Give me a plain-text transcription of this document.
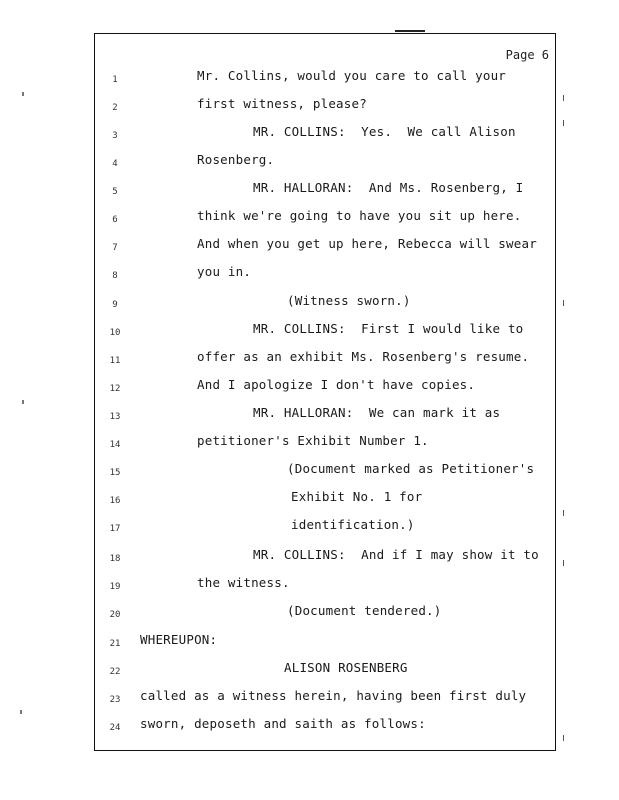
Page 6
1	Mr. Collins, would you care to call your
2	first witness, please?
3	MR. COLLINS:  Yes.  We call Alison
4	Rosenberg.
5	MR. HALLORAN:  And Ms. Rosenberg, I
6	think we're going to have you sit up here.
7	And when you get up here, Rebecca will swear
8	you in.
9	(Witness sworn.)
10	MR. COLLINS:  First I would like to
11	offer as an exhibit Ms. Rosenberg's resume.
12	And I apologize I don't have copies.
13	MR. HALLORAN:  We can mark it as
14	petitioner's Exhibit Number 1.
15	(Document marked as Petitioner's
16	Exhibit No. 1 for
17	identification.)
18	MR. COLLINS:  And if I may show it to
19	the witness.
20	(Document tendered.)
21	WHEREUPON:
22	ALISON ROSENBERG
23	called as a witness herein, having been first duly
24	sworn, deposeth and saith as follows:
